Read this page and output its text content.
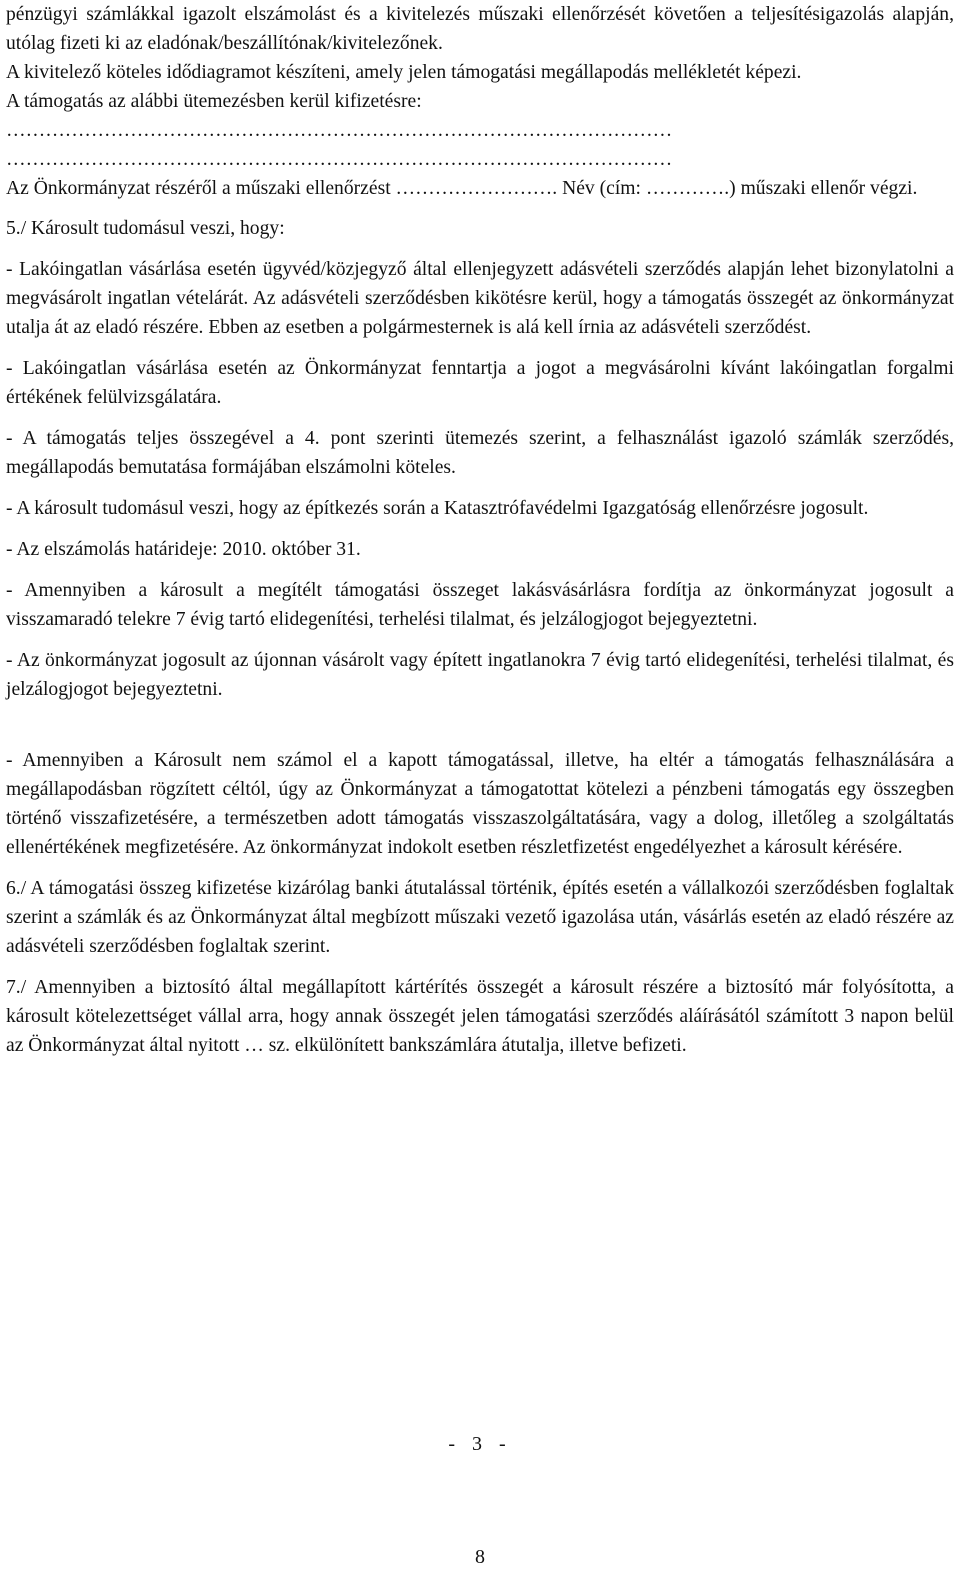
pénzügyi számlákkal igazolt elszámolást és a kivitelezés műszaki ellenőrzését követően a teljesítésigazolás alapján, utólag fizeti ki az eladónak/beszállítónak/kivitelezőnek.

A kivitelező köteles idődiagramot készíteni, amely jelen támogatási megállapodás mellékletét képezi.

A támogatás az alábbi ütemezésben kerül kifizetésre:

…………………………………………………………………………………………

…………………………………………………………………………………………

Az Önkormányzat részéről a műszaki ellenőrzést ……………………. Név (cím: ………….) műszaki ellenőr végzi.

5./ Károsult tudomásul veszi, hogy:

- Lakóingatlan vásárlása esetén ügyvéd/közjegyző által ellenjegyzett adásvételi szerződés alapján lehet bizonylatolni a megvásárolt ingatlan vételárát. Az adásvételi szerződésben kikötésre kerül, hogy a támogatás összegét az önkormányzat utalja át az eladó részére. Ebben az esetben a polgármesternek is alá kell írnia az adásvételi szerződést.

- Lakóingatlan vásárlása esetén az Önkormányzat fenntartja a jogot a megvásárolni kívánt lakóingatlan forgalmi értékének felülvizsgálatára.

- A támogatás teljes összegével a 4. pont szerinti ütemezés szerint, a felhasználást igazoló számlák szerződés, megállapodás bemutatása formájában elszámolni köteles.

- A károsult tudomásul veszi, hogy az építkezés során a Katasztrófavédelmi Igazgatóság ellenőrzésre jogosult.

- Az elszámolás határideje: 2010. október 31.

- Amennyiben a károsult a megítélt támogatási összeget lakásvásárlásra fordítja az önkormányzat jogosult a visszamaradó telekre 7 évig tartó elidegenítési, terhelési tilalmat, és jelzálogjogot bejegyeztetni.

- Az önkormányzat jogosult az újonnan vásárolt vagy épített ingatlanokra 7 évig tartó elidegenítési, terhelési tilalmat, és jelzálogjogot bejegyeztetni.

- Amennyiben a Károsult nem számol el a kapott támogatással, illetve, ha eltér a támogatás felhasználására a megállapodásban rögzített céltól, úgy az Önkormányzat a támogatottat kötelezi a pénzbeni támogatás egy összegben történő visszafizetésére, a természetben adott támogatás visszaszolgáltatására, vagy a dolog, illetőleg a szolgáltatás ellenértékének megfizetésére. Az önkormányzat indokolt esetben részletfizetést engedélyezhet a károsult kérésére.

6./ A támogatási összeg kifizetése kizárólag banki átutalással történik, építés esetén a vállalkozói szerződésben foglaltak szerint a számlák és az Önkormányzat által megbízott műszaki vezető igazolása után, vásárlás esetén az eladó részére az adásvételi szerződésben foglaltak szerint.

7./ Amennyiben a biztosító által megállapított kártérítés összegét a károsult részére a biztosító már folyósította, a károsult kötelezettséget vállal arra, hogy annak összegét jelen támogatási szerződés aláírásától számított 3 napon belül az Önkormányzat által nyitott … sz. elkülönített bankszámlára átutalja, illetve befizeti.

- 3 -
8
